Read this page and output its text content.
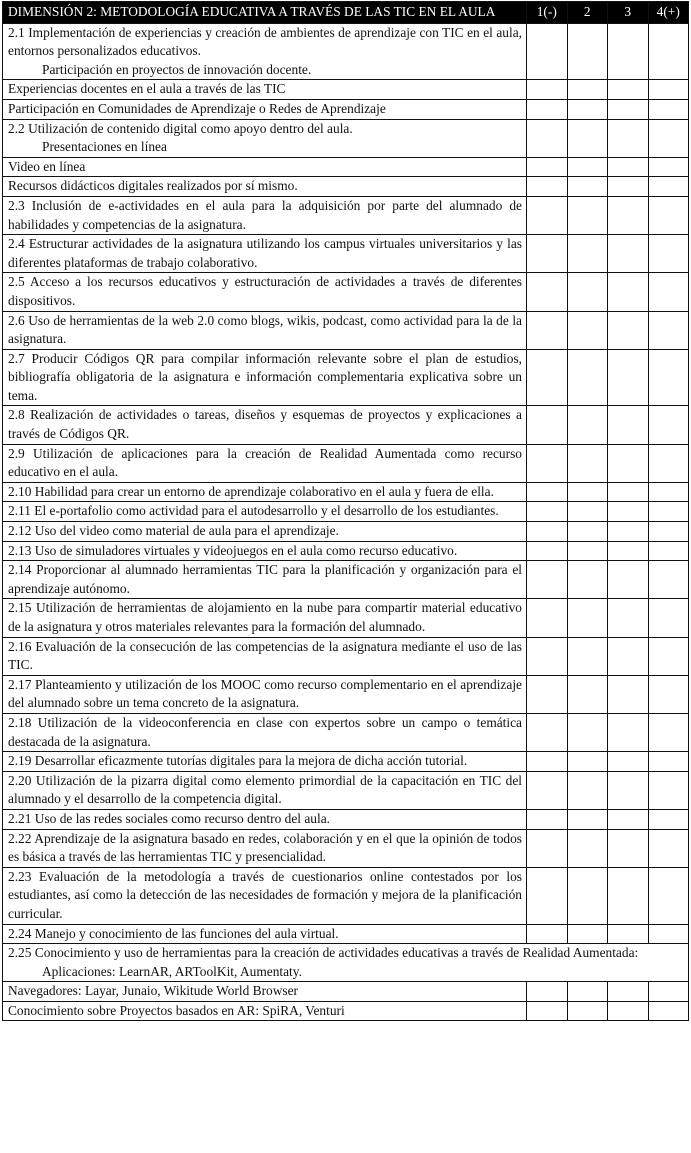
DIMENSIÓN 2: METODOLOGÍA EDUCATIVA A TRAVÉS DE LAS TIC EN EL AULA	1(-)	2	3	4(+)

2.1 Implementación de experiencias y creación de ambientes de aprendizaje con TIC en el aula, entornos personalizados educativos.
Participación en proyectos de innovación docente.				

Experiencias docentes en el aula a través de las TIC				
Participación en Comunidades de Aprendizaje o Redes de Aprendizaje				

2.2 Utilización de contenido digital como apoyo dentro del aula.
Presentaciones en línea				

Video en línea				
Recursos didácticos digitales realizados por sí mismo.				
2.3 Inclusión de e-actividades en el aula para la adquisición por parte del alumnado de habilidades y competencias de la asignatura.				
2.4 Estructurar actividades de la asignatura utilizando los campus virtuales universitarios y las diferentes plataformas de trabajo colaborativo.				
2.5 Acceso a los recursos educativos y estructuración de actividades a través de diferentes dispositivos.				
2.6 Uso de herramientas de la web 2.0 como blogs, wikis, podcast, como actividad para la de la asignatura.				
2.7 Producir Códigos QR para compilar información relevante sobre el plan de estudios, bibliografía obligatoria de la asignatura e información complementaria explicativa sobre un tema.				
2.8 Realización de actividades o tareas, diseños y esquemas de proyectos y explicaciones a través de Códigos QR.				
2.9 Utilización de aplicaciones para la creación de Realidad Aumentada como recurso educativo en el aula.				
2.10 Habilidad para crear un entorno de aprendizaje colaborativo en el aula y fuera de ella.				
2.11 El e-portafolio como actividad para el autodesarrollo y el desarrollo de los estudiantes.				
2.12 Uso del video como material de aula para el aprendizaje.				
2.13 Uso de simuladores virtuales y videojuegos en el aula como recurso educativo.				
2.14 Proporcionar al alumnado herramientas TIC para la planificación y organización para el aprendizaje autónomo.				
2.15 Utilización de herramientas de alojamiento en la nube para compartir material educativo de la asignatura y otros materiales relevantes para la formación del alumnado.				
2.16 Evaluación de la consecución de las competencias de la asignatura mediante el uso de las TIC.				
2.17 Planteamiento y utilización de los MOOC como recurso complementario en el aprendizaje del alumnado sobre un tema concreto de la asignatura.				
2.18 Utilización de la videoconferencia en clase con expertos sobre un campo o temática destacada de la asignatura.				
2.19 Desarrollar eficazmente tutorías digitales para la mejora de dicha acción tutorial.				
2.20 Utilización de la pizarra digital como elemento primordial de la capacitación en TIC del alumnado y el desarrollo de la competencia digital.				
2.21 Uso de las redes sociales como recurso dentro del aula.				
2.22 Aprendizaje de la asignatura basado en redes, colaboración y en el que la opinión de todos es básica a través de las herramientas TIC y presencialidad.				
2.23 Evaluación de la metodología a través de cuestionarios online contestados por los estudiantes, así como la detección de las necesidades de formación y mejora de la planificación curricular.				
2.24 Manejo y conocimiento de las funciones del aula virtual.				

2.25 Conocimiento y uso de herramientas para la creación de actividades educativas a través de Realidad Aumentada:
Aplicaciones: LearnAR, ARToolKit, Aumentaty.				

Navegadores: Layar, Junaio, Wikitude World Browser				
Conocimiento sobre Proyectos basados en AR: SpiRA, Venturi				
